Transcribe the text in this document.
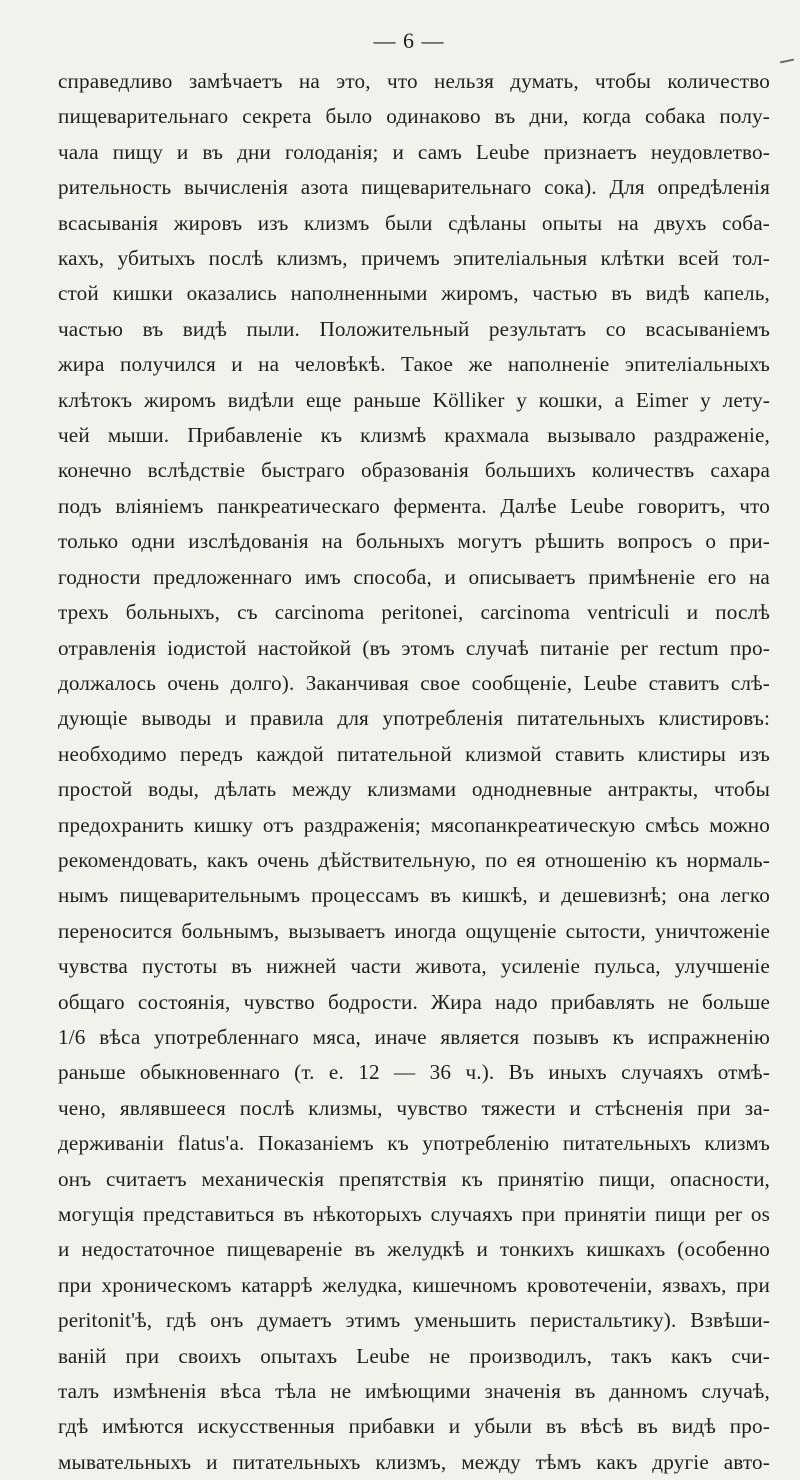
— 6 —
справедливо замѣчаетъ на это, что нельзя думать, чтобы количество
пищеварительнаго секрета было одинаково въ дни, когда собака полу-
чала пищу и въ дни голоданія; и самъ Leube признаетъ неудовлетво-
рительность вычисленія азота пищеварительнаго сока). Для опредѣленія
всасыванія жировъ изъ клизмъ были сдѣланы опыты на двухъ соба-
кахъ, убитыхъ послѣ клизмъ, причемъ эпителіальныя клѣтки всей тол-
стой кишки оказались наполненными жиромъ, частью въ видѣ капель,
частью въ видѣ пыли. Положительный результатъ со всасываніемъ
жира получился и на человѣкѣ. Такое же наполненіе эпителіальныхъ
клѣтокъ жиромъ видѣли еще раньше Kölliker у кошки, а Eimer у лету-
чей мыши. Прибавленіе къ клизмѣ крахмала вызывало раздраженіе,
конечно вслѣдствіе быстраго образованія большихъ количествъ сахара
подъ вліяніемъ панкреатическаго фермента. Далѣе Leube говоритъ, что
только одни изслѣдованія на больныхъ могутъ рѣшить вопросъ о при-
годности предложеннаго имъ способа, и описываетъ примѣненіе его на
трехъ больныхъ, съ carcinoma peritonei, carcinoma ventriculi и послѣ
отравленія іодистой настойкой (въ этомъ случаѣ питаніе per rectum про-
должалось очень долго). Заканчивая свое сообщеніе, Leube ставитъ слѣ-
дующіе выводы и правила для употребленія питательныхъ клистировъ:
необходимо передъ каждой питательной клизмой ставить клистиры изъ
простой воды, дѣлать между клизмами однодневные антракты, чтобы
предохранить кишку отъ раздраженія; мясопанкреатическую смѣсь можно
рекомендовать, какъ очень дѣйствительную, по ея отношенію къ нормаль-
нымъ пищеварительнымъ процессамъ въ кишкѣ, и дешевизнѣ; она легко
переносится больнымъ, вызываетъ иногда ощущеніе сытости, уничтоженіе
чувства пустоты въ нижней части живота, усиленіе пульса, улучшеніе
общаго состоянія, чувство бодрости. Жира надо прибавлять не больше
1/6 вѣса употребленнаго мяса, иначе является позывъ къ испражненію
раньше обыкновеннаго (т. е. 12 — 36 ч.). Въ иныхъ случаяхъ отмѣ-
чено, являвшееся послѣ клизмы, чувство тяжести и стѣсненія при за-
держиваніи flatus'а. Показаніемъ къ употребленію питательныхъ клизмъ
онъ считаетъ механическія препятствія къ принятію пищи, опасности,
могущія представиться въ нѣкоторыхъ случаяхъ при принятіи пищи per os
и недостаточное пищевареніе въ желудкѣ и тонкихъ кишкахъ (особенно
при хроническомъ катаррѣ желудка, кишечномъ кровотеченіи, язвахъ, при
peritonit'ѣ, гдѣ онъ думаетъ этимъ уменьшить перистальтику). Взвѣши-
ваній при своихъ опытахъ Leube не производилъ, такъ какъ счи-
талъ измѣненія вѣса тѣла не имѣющими значенія въ данномъ случаѣ,
гдѣ имѣются искусственныя прибавки и убыли въ вѣсѣ въ видѣ про-
мывательныхъ и питательныхъ клизмъ, между тѣмъ какъ другіе авто-
